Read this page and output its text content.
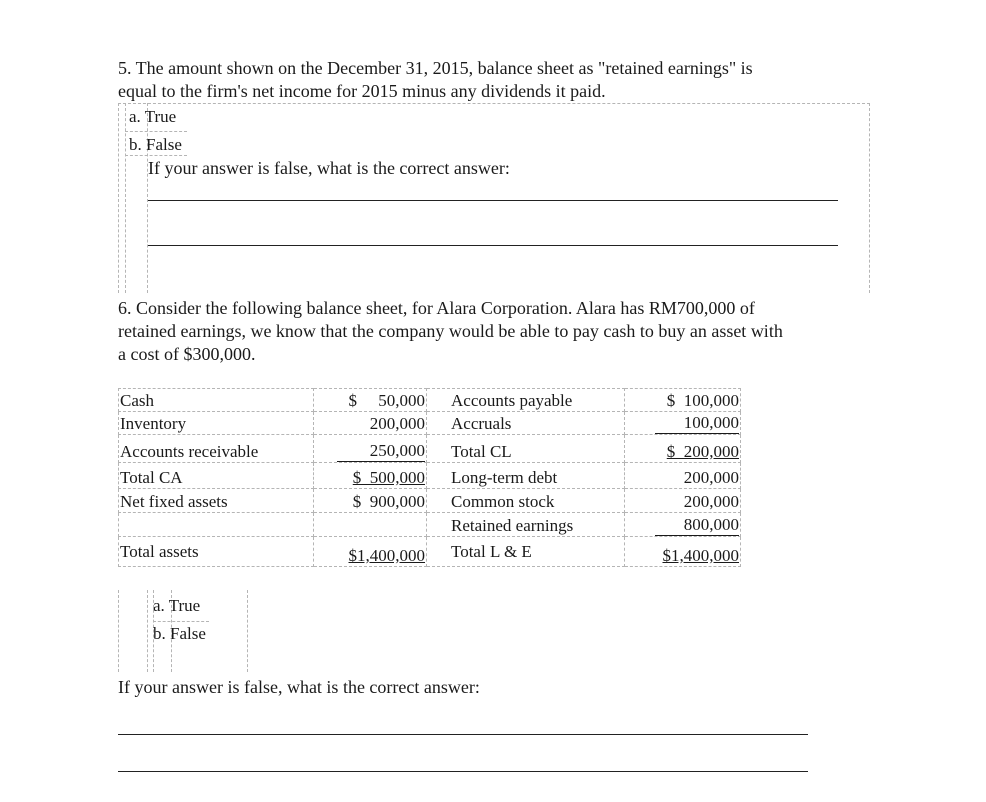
5. The amount shown on the December 31, 2015, balance sheet as "retained earnings" is
equal to the firm's net income for 2015 minus any dividends it paid.
a. True
b. False
If your answer is false, what is the correct answer:
6. Consider the following balance sheet, for Alara Corporation. Alara has RM700,000 of
retained earnings, we know that the company would be able to pay cash to buy an asset with
a cost of $300,000.
Cash	$     50,000	Accounts payable	$  100,000
Inventory	200,000	Accruals	100,000
Accounts receivable	250,000	Total CL	$  200,000
Total CA	$  500,000	Long-term debt	200,000
Net fixed assets	$  900,000	Common stock	200,000
		Retained earnings	800,000
Total assets	$1,400,000	Total L & E	$1,400,000
a. True
b. False
If your answer is false, what is the correct answer:
